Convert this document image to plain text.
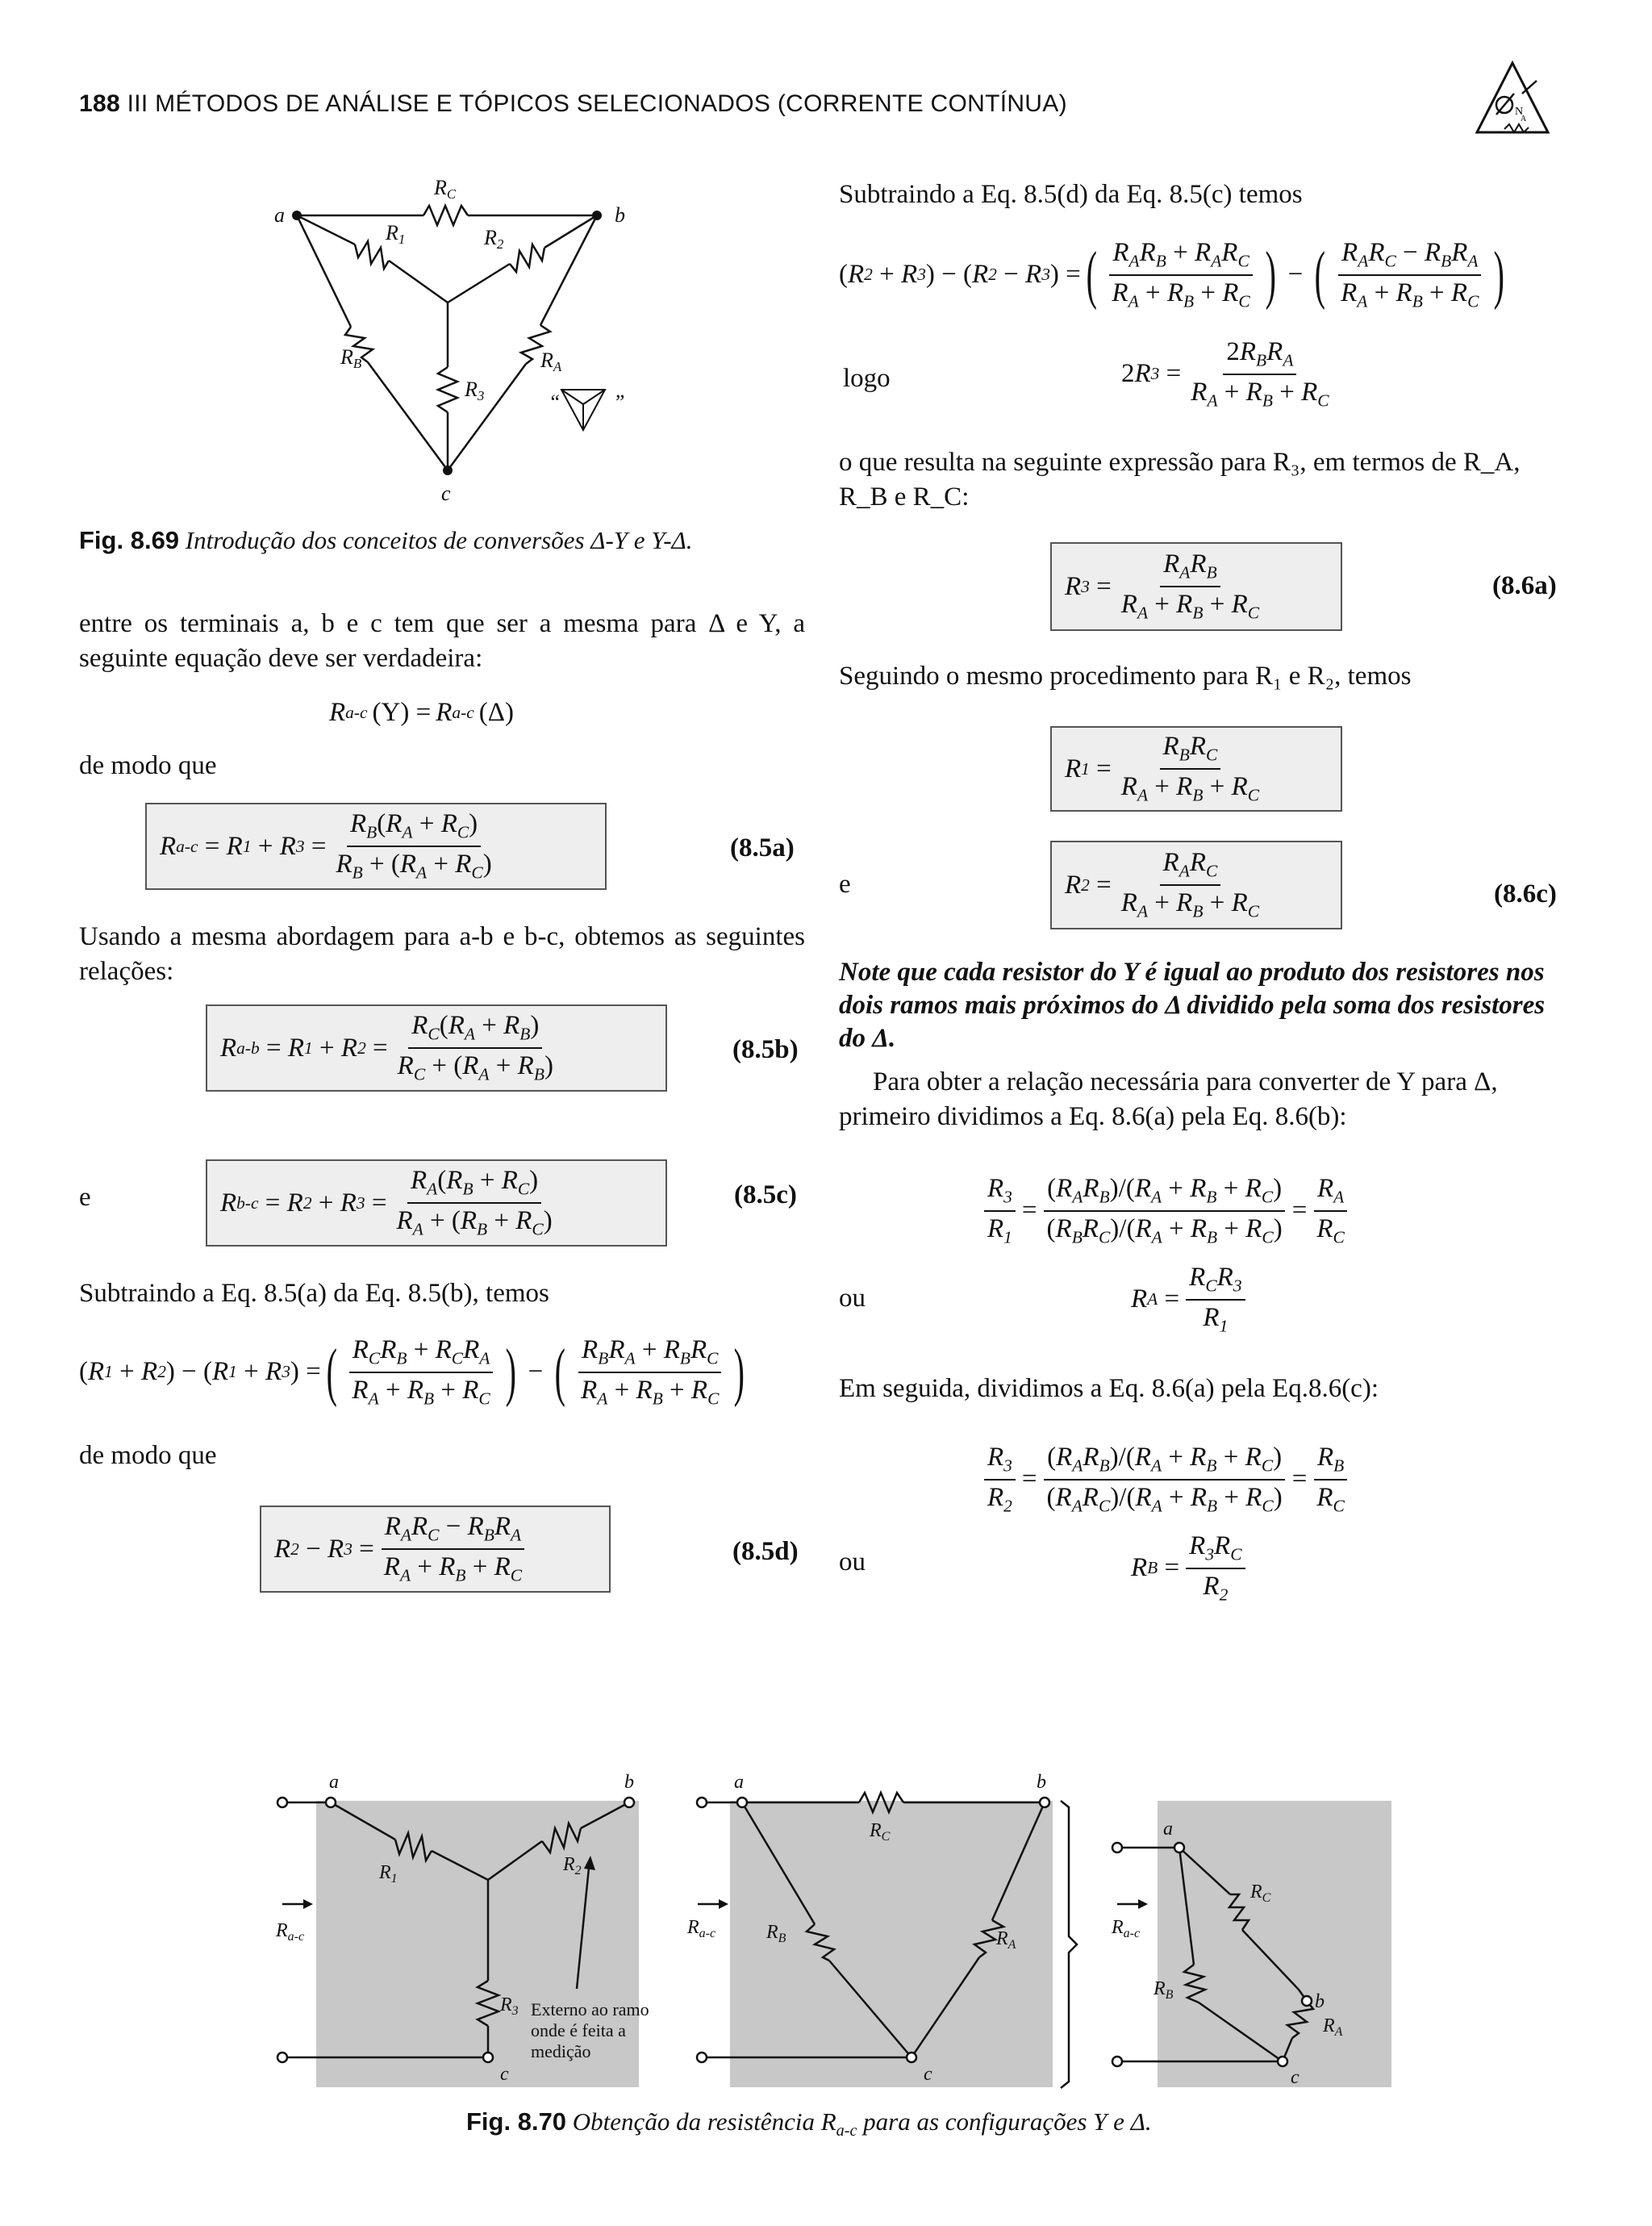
188 III MÉTODOS DE ANÁLISE E TÓPICOS SELECIONADOS (CORRENTE CONTÍNUA)	N
A
a	b
c
RC
R1	R2
RB	RA
R3	“	”
Fig. 8.69 Introdução dos conceitos de conversões Δ-Y e Y-Δ.
entre os terminais a, b e c tem que ser a mesma para Δ e Y, a seguinte equação deve ser verdadeira:
R a-c (Y) = R a-c (Δ)
de modo que
R a-c = R 1 + R $3 = \frac{R_B(R_A + R_C)}{R_B + (R_A + R_C)}$	(8.5a)
Usando a mesma abordagem para a-b e b-c, obtemos as seguintes relações:
R a-b = R 1 + R $2 = \frac{R_C(R_A + R_B)}{R_C + (R_A + R_B)}$	(8.5b)
e	R b-c = R 2 + R $3 = \frac{R_A(R_B + R_C)}{R_A + (R_B + R_C)}$	(8.5c)
Subtraindo a Eq. 8.5(a) da Eq. 8.5(b), temos
( R 1 + R 2 ) − ( R 1 + R 3 ) = ( $\frac{R_CR_B + R_CR_A}{R_A + R_B + R_C}$ ) − ( $\frac{R_BR_A + R_BR_C}{R_A + R_B + R_C}$ )
de modo que
R 2 − R $3 = \frac{R_AR_C - R_BR_A}{R_A + R_B + R_C}$	(8.5d)
Subtraindo a Eq. 8.5(d) da Eq. 8.5(c) temos
( R 2 + R 3 ) − ( R 2 − R 3 ) = ( $\frac{R_AR_B + R_AR_C}{R_A + R_B + R_C}$ ) − ( $\frac{R_AR_C - R_BR_A}{R_A + R_B + R_C}$ )
logo	2 R $3 = \frac{2R_BR_A}{R_A + R_B + R_C}$
o que resulta na seguinte expressão para R₃, em termos de R_A, R_B e R_C:
R $3 = \frac{R_AR_B}{R_A + R_B + R_C}$	(8.6a)
Seguindo o mesmo procedimento para R₁ e R₂, temos
R $1 = \frac{R_BR_C}{R_A + R_B + R_C}$
e	R $2 = \frac{R_AR_C}{R_A + R_B + R_C}$	(8.6c)
Note que cada resistor do Y é igual ao produto dos resistores nos dois ramos mais próximos do Δ dividido pela soma dos resistores do Δ.
Para obter a relação necessária para converter de Y para Δ, primeiro dividimos a Eq. 8.6(a) pela Eq. 8.6(b):
$\frac{R_3}{R_1} = \frac{(R_AR_B)/(R_A + R_B + R_C)}{(R_BR_C)/(R_A + R_B + R_C)} = \frac{R_A}{R_C}$
ou	R $A = \frac{R_CR_3}{R_1}$
Em seguida, dividimos a Eq. 8.6(a) pela Eq.8.6(c):
$\frac{R_3}{R_2} = \frac{(R_AR_B)/(R_A + R_B + R_C)}{(R_AR_C)/(R_A + R_B + R_C)} = \frac{R_B}{R_C}$
ou	R $B = \frac{R_3R_C}{R_2}$
a	b
c
$R_1$
$R_2$
$R_3$
$R_{a-c}$
a	b
c
$R_C$
$R_B$	$R_A$
$R_{a-c}$
a
b
c
$R_C$
$R_B$
$R_A$
$R_{a-c}$
Externo ao ramo
onde é feita a
medição
Fig. 8.70 Obtenção da resistência $R_{a-c}$ para as configurações Y e Δ.
